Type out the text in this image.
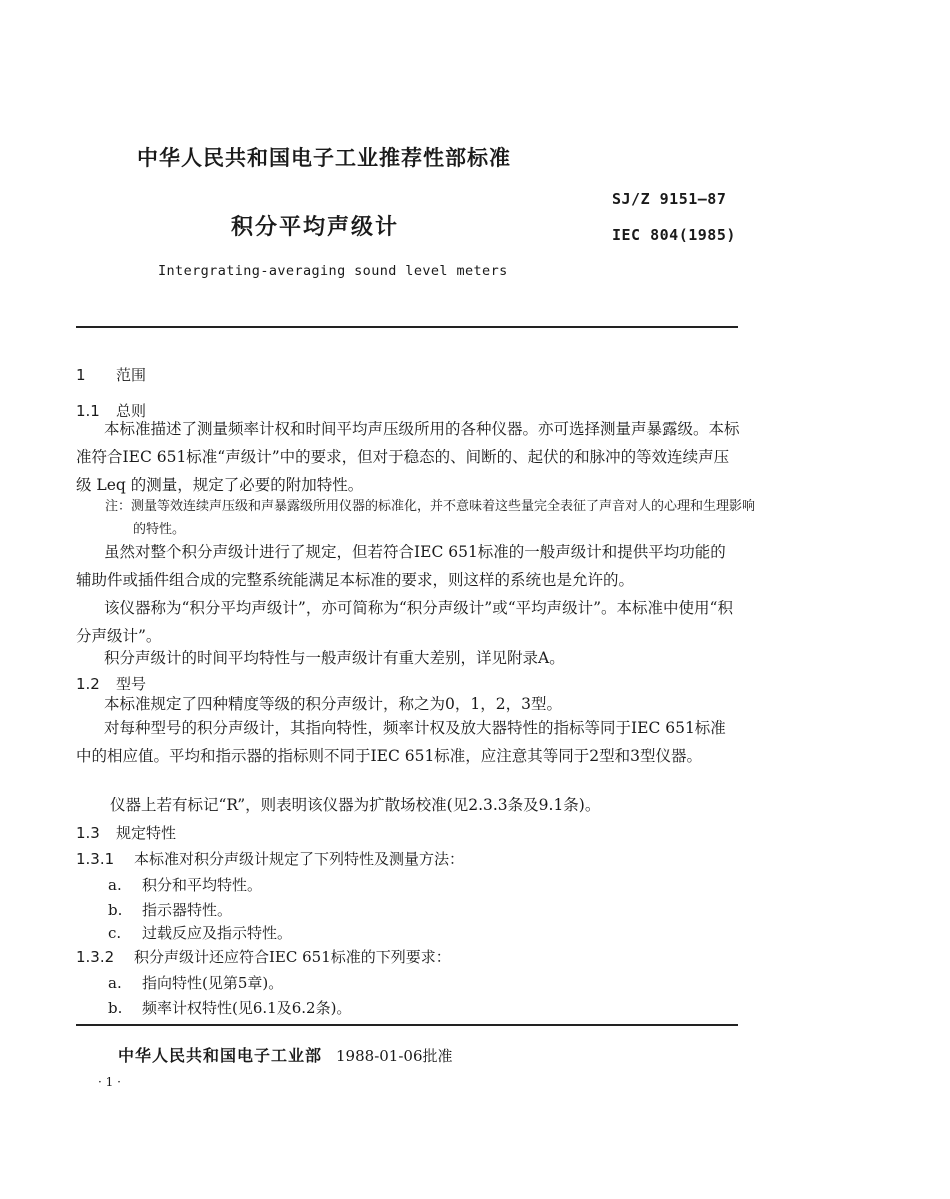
中华人民共和国电子工业推荐性部标准
SJ/Z 9151—87
IEC 804(1985)
积分平均声级计
Intergrating-averaging sound level meters
1 范围
1.1 总则
本标准描述了测量频率计权和时间平均声压级所用的各种仪器。亦可选择测量声暴露级。本标准符合IEC 651标准“声级计”中的要求，但对于稳态的、间断的、起伏的和脉冲的等效连续声压级 Leq 的测量，规定了必要的附加特性。
注：测量等效连续声压级和声暴露级所用仪器的标准化，并不意味着这些量完全表征了声音对人的心理和生理影响的特性。
虽然对整个积分声级计进行了规定，但若符合IEC 651标准的一般声级计和提供平均功能的辅助件或插件组合成的完整系统能满足本标准的要求，则这样的系统也是允许的。
该仪器称为“积分平均声级计”，亦可简称为“积分声级计”或“平均声级计”。本标准中使用“积分声级计”。
积分声级计的时间平均特性与一般声级计有重大差别，详见附录A。
1.2 型号
本标准规定了四种精度等级的积分声级计，称之为0，1，2，3型。
对每种型号的积分声级计，其指向特性，频率计权及放大器特性的指标等同于IEC 651标准中的相应值。平均和指示器的指标则不同于IEC 651标准，应注意其等同于2型和3型仪器。
仪器上若有标记“R”，则表明该仪器为扩散场校准(见2.3.3条及9.1条)。
1.3 规定特性
1.3.1 本标准对积分声级计规定了下列特性及测量方法：
a. 积分和平均特性。
b. 指示器特性。
c. 过载反应及指示特性。
1.3.2 积分声级计还应符合IEC 651标准的下列要求：
a. 指向特性(见第5章)。
b. 频率计权特性(见6.1及6.2条)。
中华人民共和国电子工业部 1988-01-06批准
· 1 ·
